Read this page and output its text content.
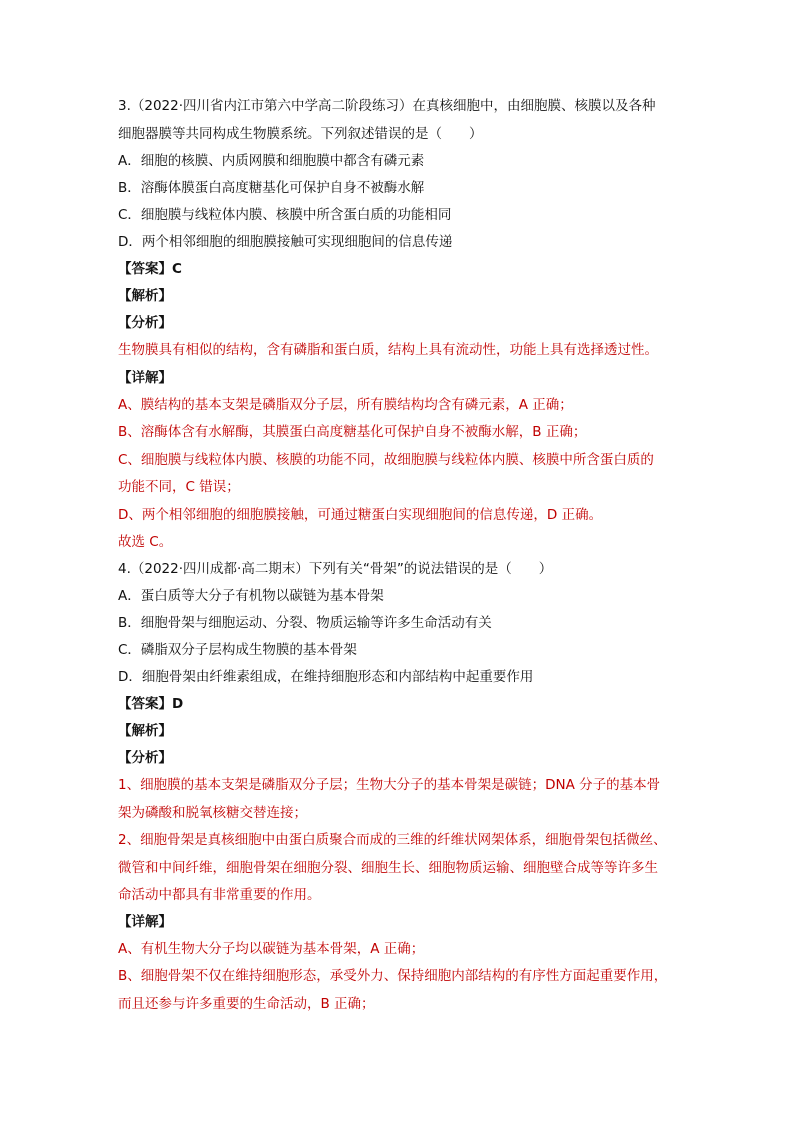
3.（2022·四川省内江市第六中学高二阶段练习）在真核细胞中，由细胞膜、核膜以及各种
细胞器膜等共同构成生物膜系统。下列叙述错误的是（　　）
A．细胞的核膜、内质网膜和细胞膜中都含有磷元素
B．溶酶体膜蛋白高度糖基化可保护自身不被酶水解
C．细胞膜与线粒体内膜、核膜中所含蛋白质的功能相同
D．两个相邻细胞的细胞膜接触可实现细胞间的信息传递
【答案】C
【解析】
【分析】
生物膜具有相似的结构，含有磷脂和蛋白质，结构上具有流动性，功能上具有选择透过性。
【详解】
A、膜结构的基本支架是磷脂双分子层，所有膜结构均含有磷元素，A 正确；
B、溶酶体含有水解酶，其膜蛋白高度糖基化可保护自身不被酶水解，B 正确；
C、细胞膜与线粒体内膜、核膜的功能不同，故细胞膜与线粒体内膜、核膜中所含蛋白质的
功能不同，C 错误；
D、两个相邻细胞的细胞膜接触，可通过糖蛋白实现细胞间的信息传递，D 正确。
故选 C。
4.（2022·四川成都·高二期末）下列有关“骨架”的说法错误的是（　　）
A．蛋白质等大分子有机物以碳链为基本骨架
B．细胞骨架与细胞运动、分裂、物质运输等许多生命活动有关
C．磷脂双分子层构成生物膜的基本骨架
D．细胞骨架由纤维素组成，在维持细胞形态和内部结构中起重要作用
【答案】D
【解析】
【分析】
1、细胞膜的基本支架是磷脂双分子层；生物大分子的基本骨架是碳链；DNA 分子的基本骨
架为磷酸和脱氧核糖交替连接；
2、细胞骨架是真核细胞中由蛋白质聚合而成的三维的纤维状网架体系，细胞骨架包括微丝、
微管和中间纤维，细胞骨架在细胞分裂、细胞生长、细胞物质运输、细胞壁合成等等许多生
命活动中都具有非常重要的作用。
【详解】
A、有机生物大分子均以碳链为基本骨架，A 正确；
B、细胞骨架不仅在维持细胞形态，承受外力、保持细胞内部结构的有序性方面起重要作用，
而且还参与许多重要的生命活动，B 正确；
